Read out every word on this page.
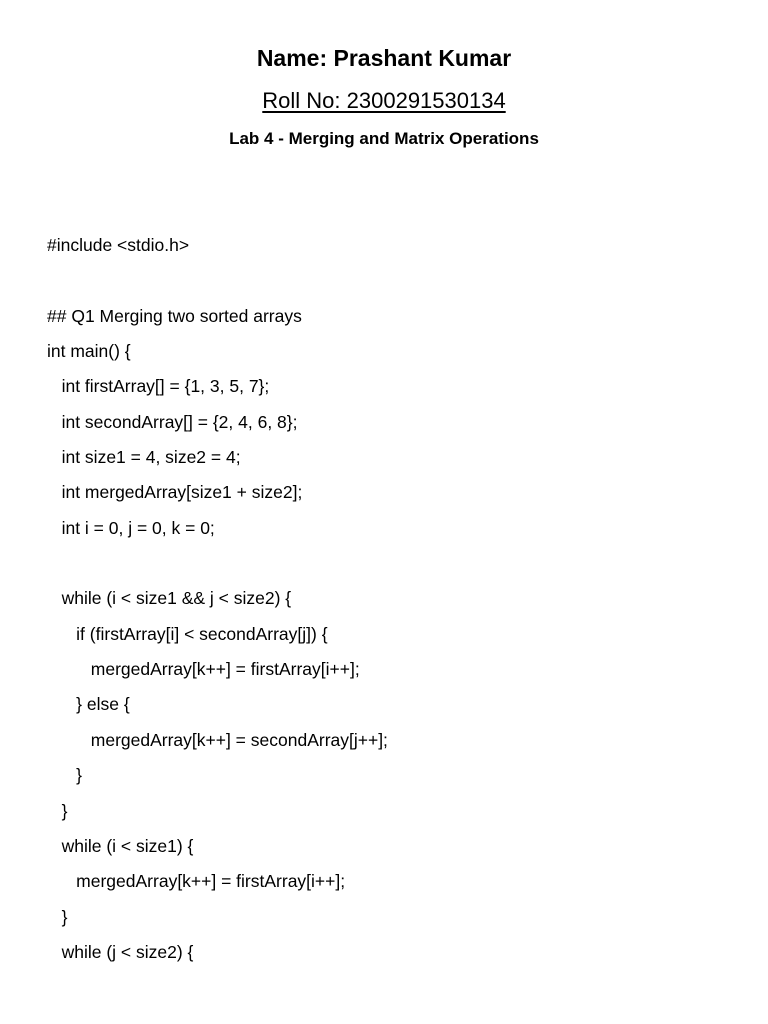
Name: Prashant Kumar
Roll No: 2300291530134
Lab 4 - Merging and Matrix Operations
#include <stdio.h>
## Q1 Merging two sorted arrays
int main() {
int firstArray[] = {1, 3, 5, 7};
int secondArray[] = {2, 4, 6, 8};
int size1 = 4, size2 = 4;
int mergedArray[size1 + size2];
int i = 0, j = 0, k = 0;
while (i < size1 && j < size2) {
if (firstArray[i] < secondArray[j]) {
mergedArray[k++] = firstArray[i++];
} else {
mergedArray[k++] = secondArray[j++];
}
}
while (i < size1) {
mergedArray[k++] = firstArray[i++];
}
while (j < size2) {
